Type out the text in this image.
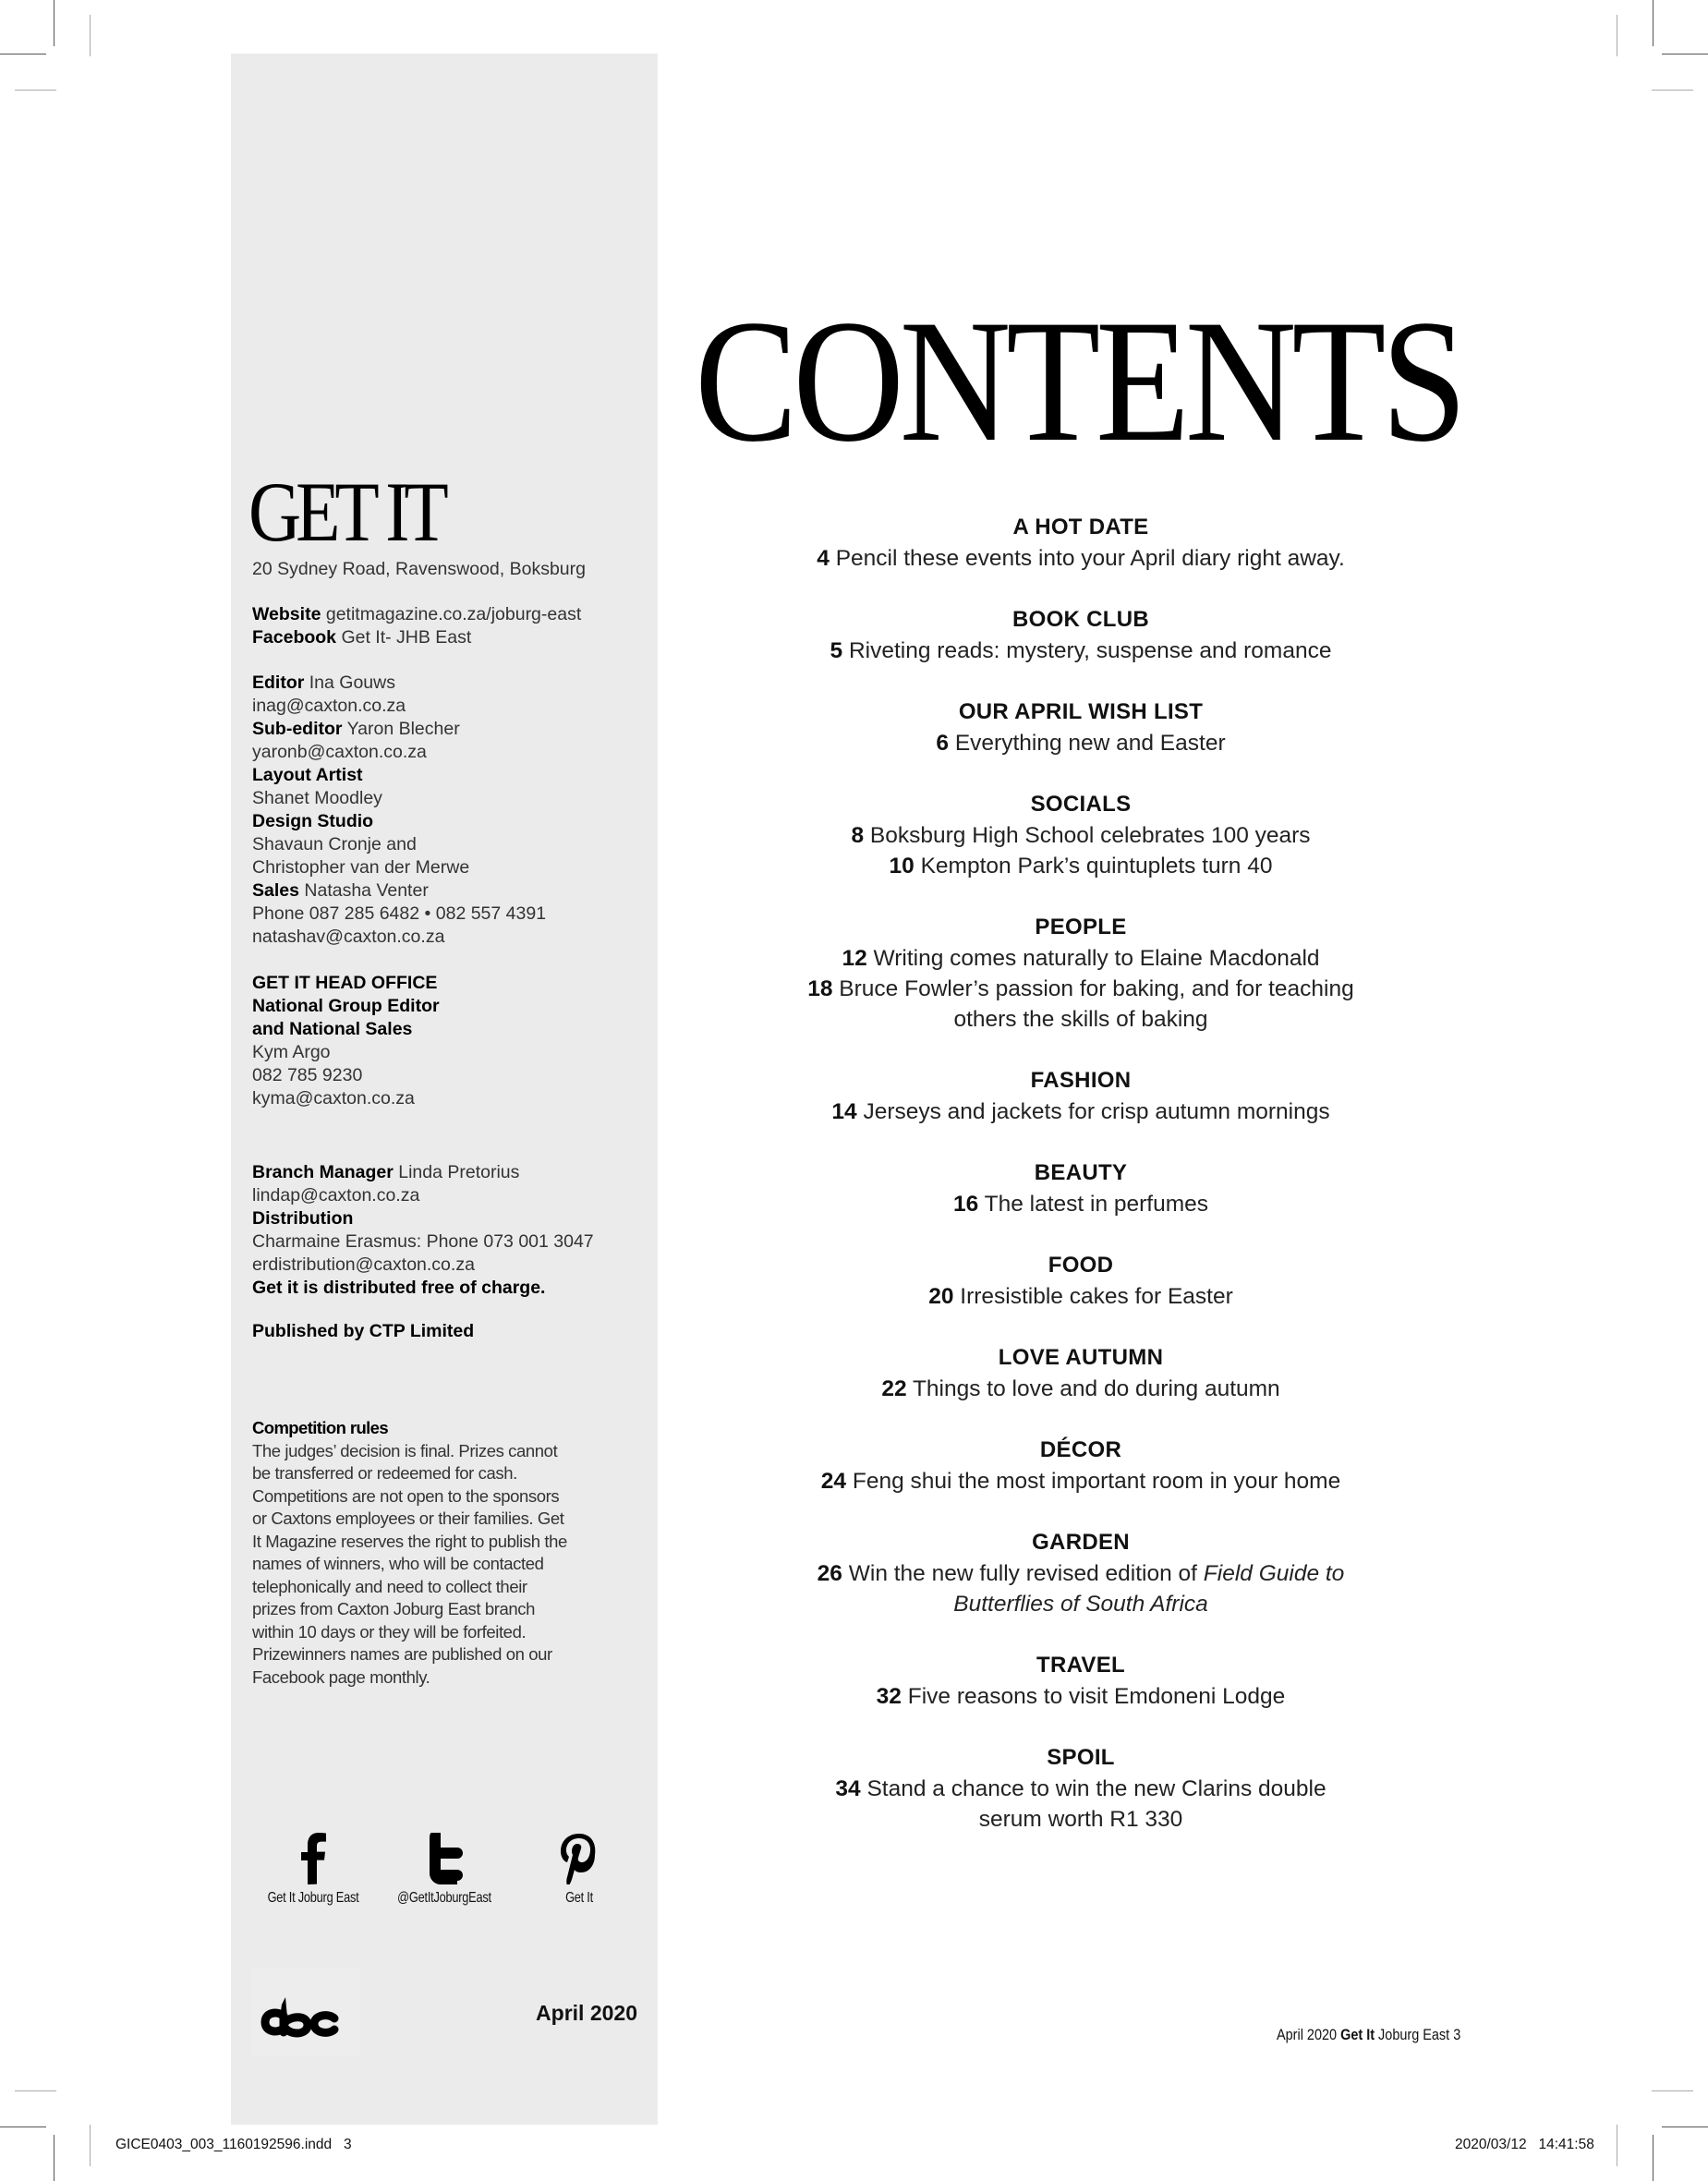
GET IT
20 Sydney Road, Ravenswood, Boksburg
Website getitmagazine.co.za/joburg-east
Facebook Get It- JHB East
Editor Ina Gouws
inag@caxton.co.za
Sub-editor Yaron Blecher
yaronb@caxton.co.za
Layout Artist
Shanet Moodley
Design Studio
Shavaun Cronje and
Christopher van der Merwe
Sales Natasha Venter
Phone 087 285 6482 • 082 557 4391
natashav@caxton.co.za
GET IT HEAD OFFICE
National Group Editor
and National Sales
Kym Argo
082 785 9230
kyma@caxton.co.za
Branch Manager Linda Pretorius
lindap@caxton.co.za
Distribution
Charmaine Erasmus: Phone 073 001 3047
erdistribution@caxton.co.za
Get it is distributed free of charge.
Published by CTP Limited
Competition rules
The judges’ decision is final. Prizes cannot
be transferred or redeemed for cash.
Competitions are not open to the sponsors
or Caxtons employees or their families. Get
It Magazine reserves the right to publish the
names of winners, who will be contacted
telephonically and need to collect their
prizes from Caxton Joburg East branch
within 10 days or they will be forfeited.
Prizewinners names are published on our
Facebook page monthly.
Get It Joburg East	@GetItJoburgEast	Get It
April 2020
CONTENTS
A HOT DATE
4 Pencil these events into your April diary right away.
BOOK CLUB
5 Riveting reads: mystery, suspense and romance
OUR APRIL WISH LIST
6 Everything new and Easter
SOCIALS
8 Boksburg High School celebrates 100 years
10 Kempton Park’s quintuplets turn 40
PEOPLE
12 Writing comes naturally to Elaine Macdonald
18 Bruce Fowler’s passion for baking, and for teaching
others the skills of baking
FASHION
14 Jerseys and jackets for crisp autumn mornings
BEAUTY
16 The latest in perfumes
FOOD
20 Irresistible cakes for Easter
LOVE AUTUMN
22 Things to love and do during autumn
DÉCOR
24 Feng shui the most important room in your home
GARDEN
26 Win the new fully revised edition of Field Guide to
Butterflies of South Africa
TRAVEL
32 Five reasons to visit Emdoneni Lodge
SPOIL
34 Stand a chance to win the new Clarins double
serum worth R1 330
April 2020 Get It Joburg East 3
GICE0403_003_1160192596.indd   3	2020/03/12   14:41:58
